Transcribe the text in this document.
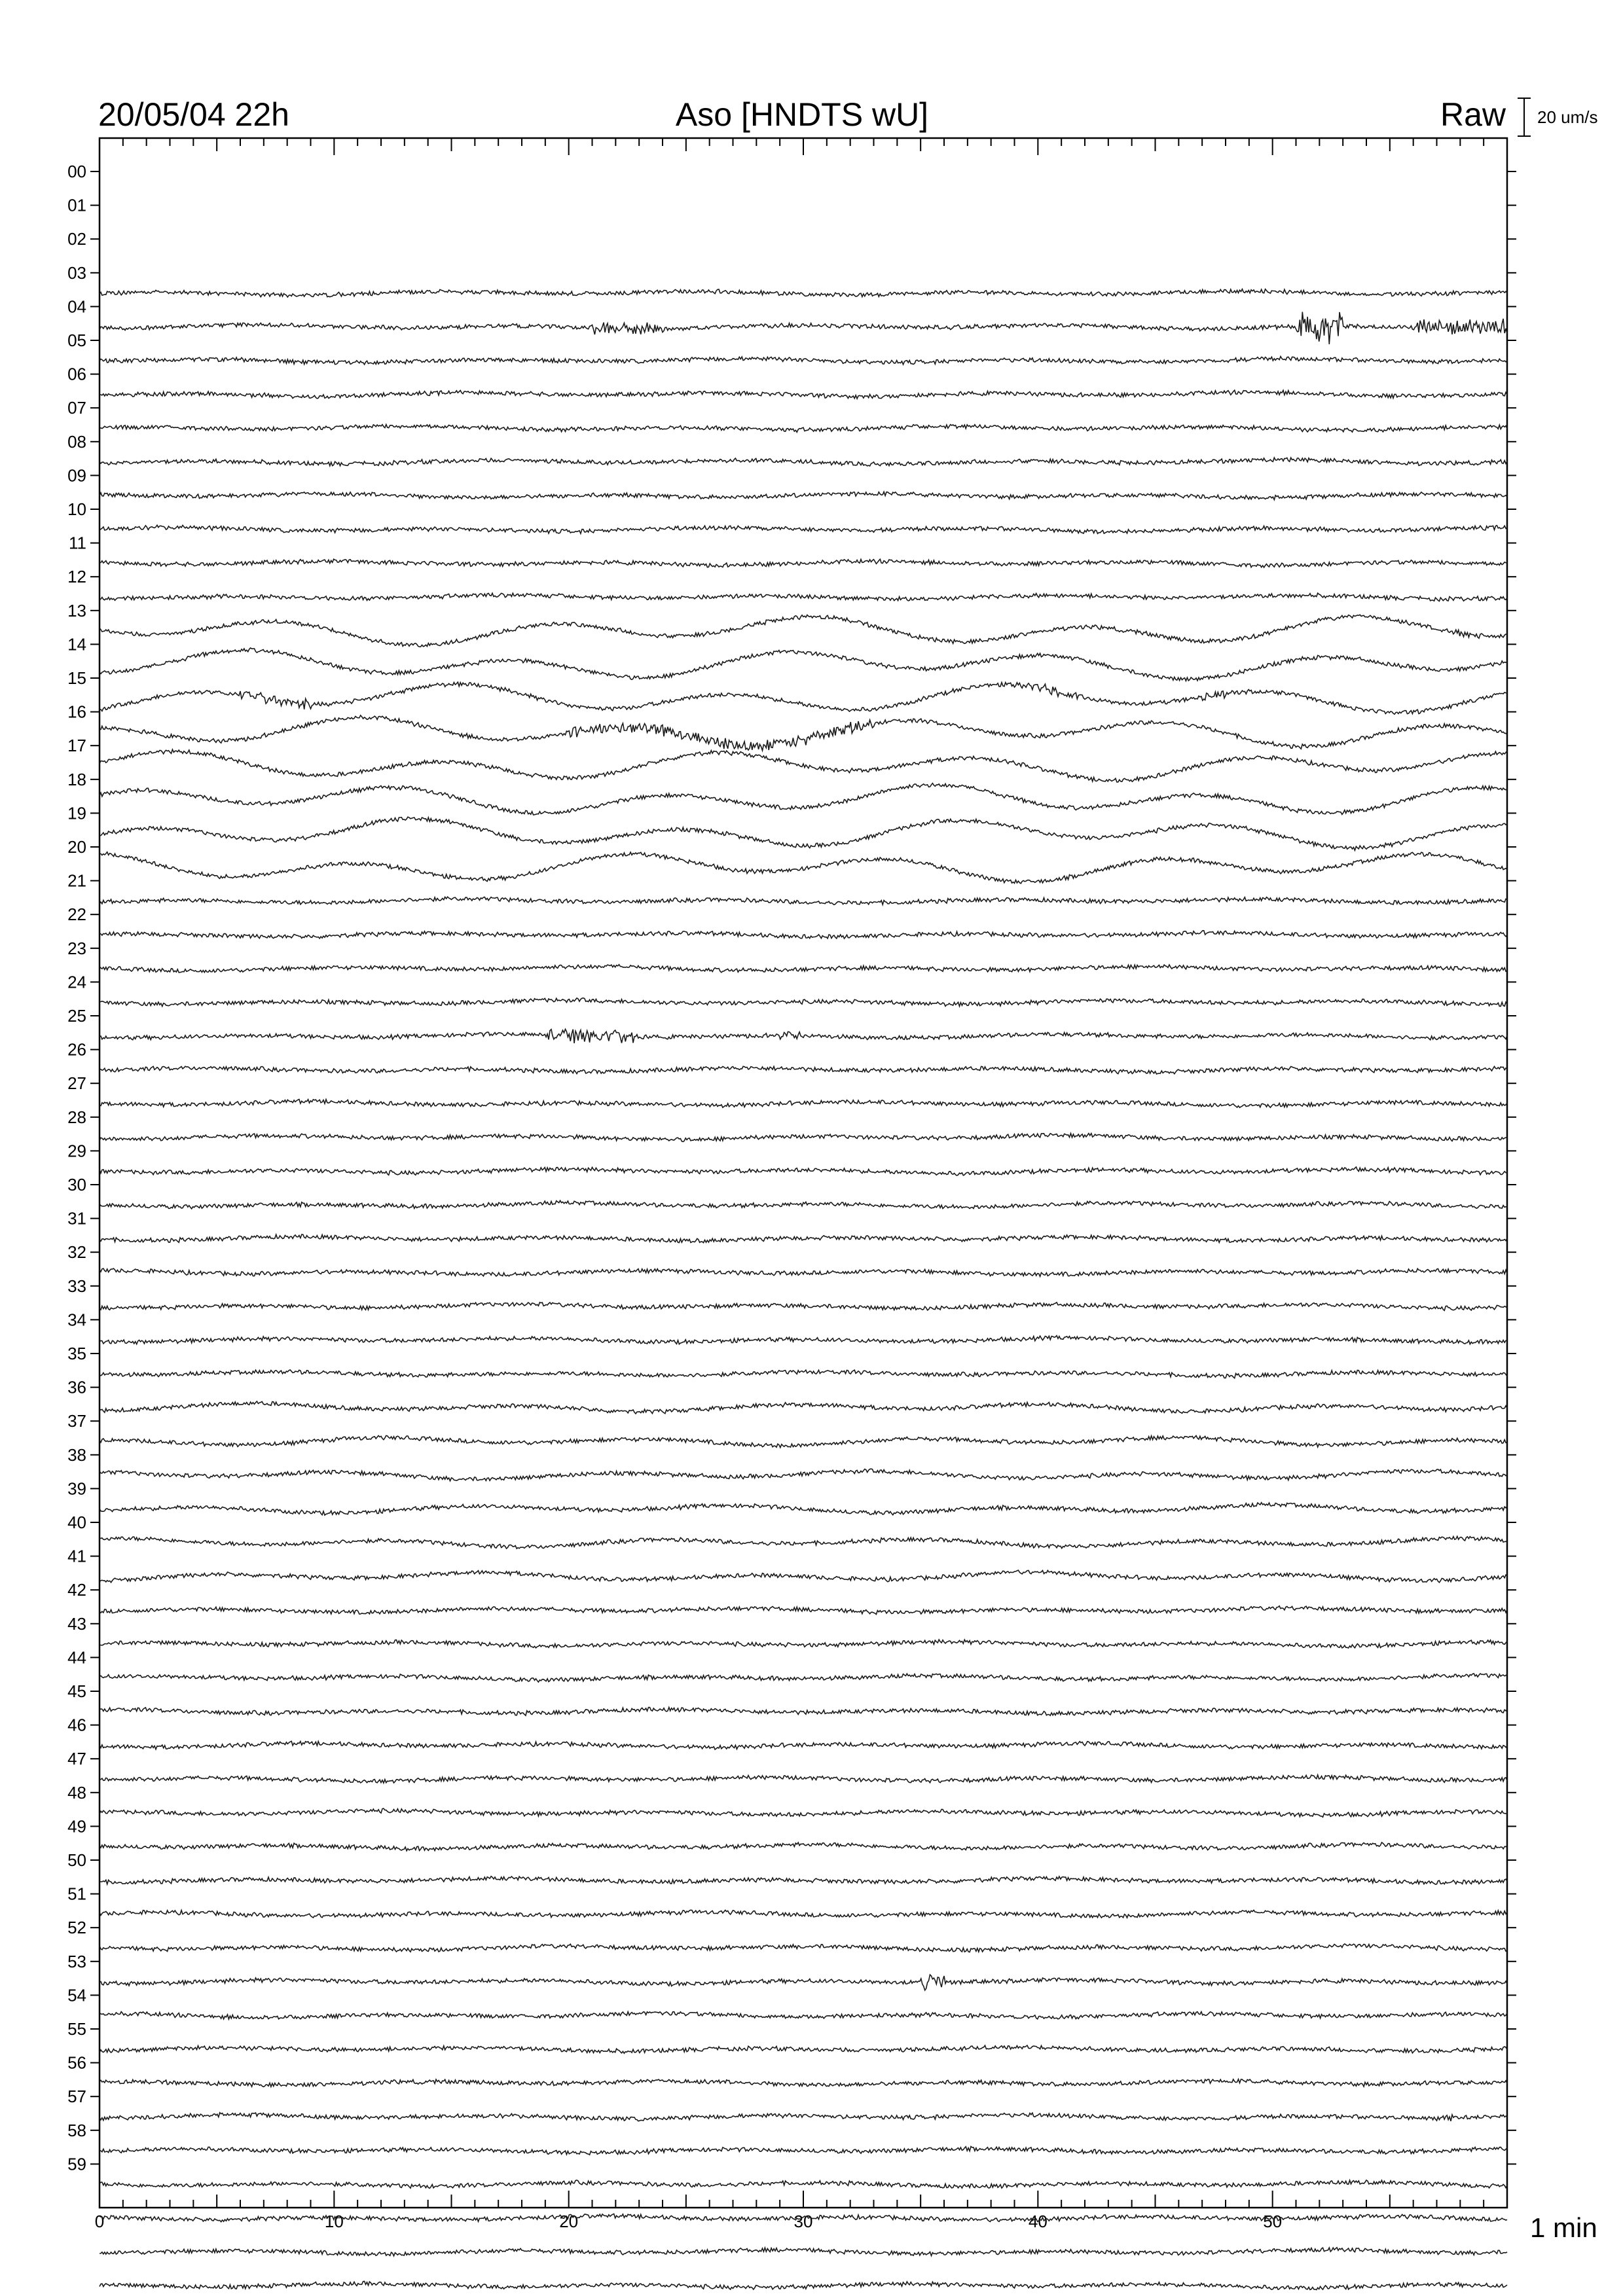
20/05/04 22h	Aso [HNDTS wU]	Raw 20 um/s
00
01
02
03
04
05
06
07
08
09
10
11
12
13
14
15
16
17
18
19
20
21
22
23
24
25
26
27
28
29
30
31
32
33
34
35
36
37
38
39
40
41
42
43
44
45
46
47
48
49
50
51
52
53
54
55
56
57
58
59
0	10	20	30	40	50	1 min
